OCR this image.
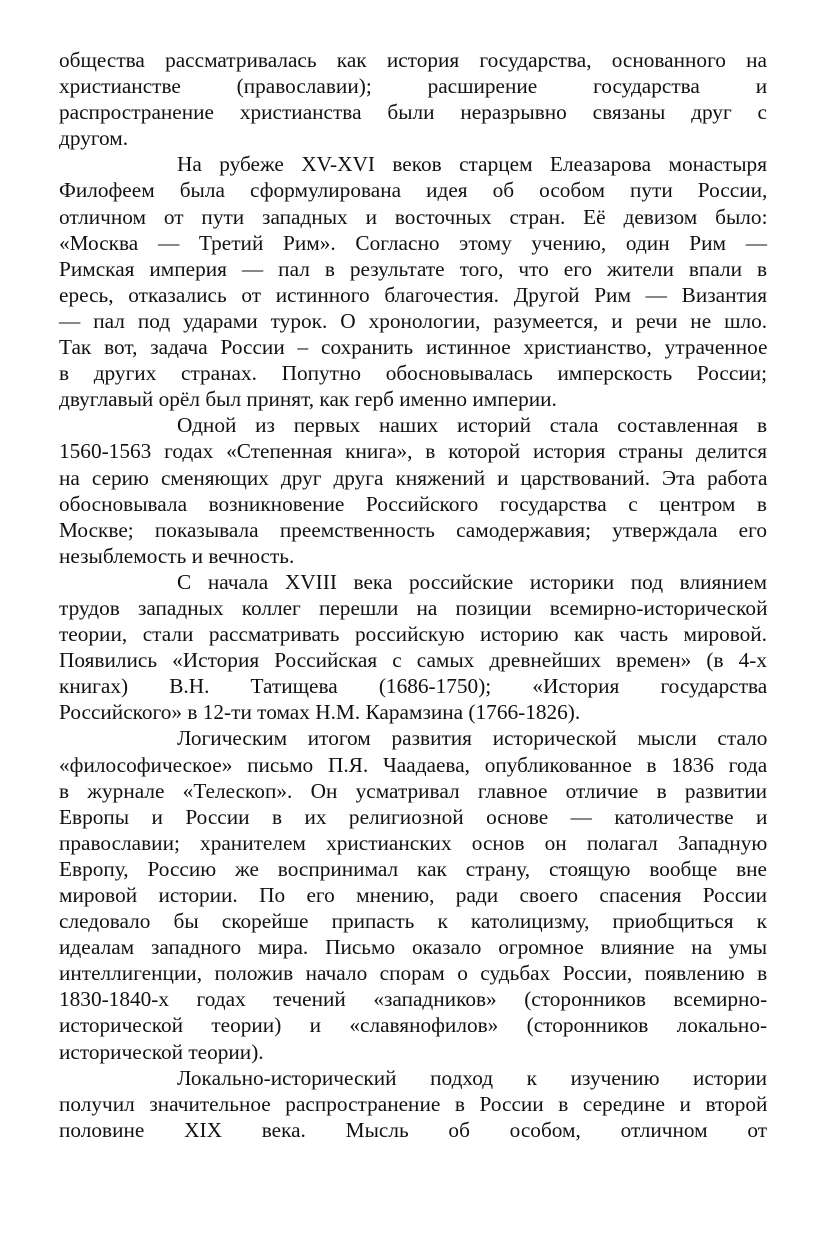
общества рассматривалась как история государства, основанного на
христианстве (православии); расширение государства и
распространение христианства были неразрывно связаны друг с
другом.
На рубеже XV-XVI веков старцем Елеазарова монастыря
Филофеем была сформулирована идея об особом пути России,
отличном от пути западных и восточных стран. Её девизом было:
«Москва — Третий Рим». Согласно этому учению, один Рим —
Римская империя — пал в результате того, что его жители впали в
ересь, отказались от истинного благочестия. Другой Рим — Византия
— пал под ударами турок. О хронологии, разумеется, и речи не шло.
Так вот, задача России – сохранить истинное христианство, утраченное
в других странах. Попутно обосновывалась имперскость России;
двуглавый орёл был принят, как герб именно империи.
Одной из первых наших историй стала составленная в
1560-1563 годах «Степенная книга», в которой история страны делится
на серию сменяющих друг друга княжений и царствований. Эта работа
обосновывала возникновение Российского государства с центром в
Москве; показывала преемственность самодержавия; утверждала его
незыблемость и вечность.
С начала XVIII века российские историки под влиянием
трудов западных коллег перешли на позиции всемирно-исторической
теории, стали рассматривать российскую историю как часть мировой.
Появились «История Российская с самых древнейших времен» (в 4-х
книгах) В.Н. Татищева (1686-1750); «История государства
Российского» в 12-ти томах Н.М. Карамзина (1766-1826).
Логическим итогом развития исторической мысли стало
«философическое» письмо П.Я. Чаадаева, опубликованное в 1836 года
в журнале «Телескоп». Он усматривал главное отличие в развитии
Европы и России в их религиозной основе — католичестве и
православии; хранителем христианских основ он полагал Западную
Европу, Россию же воспринимал как страну, стоящую вообще вне
мировой истории. По его мнению, ради своего спасения России
следовало бы скорейше припасть к католицизму, приобщиться к
идеалам западного мира. Письмо оказало огромное влияние на умы
интеллигенции, положив начало спорам о судьбах России, появлению в
1830-1840-х годах течений «западников» (сторонников всемирно-
исторической теории) и «славянофилов» (сторонников локально-
исторической теории).
Локально-исторический подход к изучению истории
получил значительное распространение в России в середине и второй
половине XIX века. Мысль об особом, отличном от
